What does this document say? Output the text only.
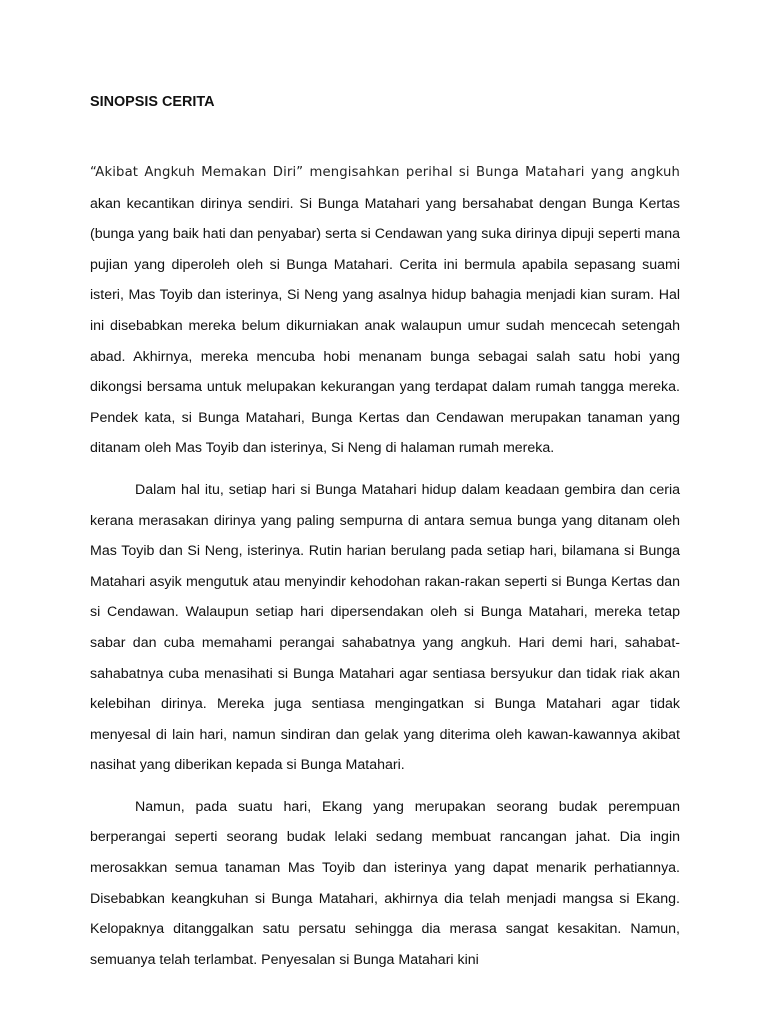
SINOPSIS CERITA

“Akibat Angkuh Memakan Diri” mengisahkan perihal si Bunga Matahari yang angkuh akan kecantikan dirinya sendiri. Si Bunga Matahari yang bersahabat dengan Bunga Kertas (bunga yang baik hati dan penyabar) serta si Cendawan yang suka dirinya dipuji seperti mana pujian yang diperoleh oleh si Bunga Matahari. Cerita ini bermula apabila sepasang suami isteri, Mas Toyib dan isterinya, Si Neng yang asalnya hidup bahagia menjadi kian suram. Hal ini disebabkan mereka belum dikurniakan anak walaupun umur sudah mencecah setengah abad. Akhirnya, mereka mencuba hobi menanam bunga sebagai salah satu hobi yang dikongsi bersama untuk melupakan kekurangan yang terdapat dalam rumah tangga mereka. Pendek kata, si Bunga Matahari, Bunga Kertas dan Cendawan merupakan tanaman yang ditanam oleh Mas Toyib dan isterinya, Si Neng di halaman rumah mereka.

Dalam hal itu, setiap hari si Bunga Matahari hidup dalam keadaan gembira dan ceria kerana merasakan dirinya yang paling sempurna di antara semua bunga yang ditanam oleh Mas Toyib dan Si Neng, isterinya. Rutin harian berulang pada setiap hari, bilamana si Bunga Matahari asyik mengutuk atau menyindir kehodohan rakan-rakan seperti si Bunga Kertas dan si Cendawan. Walaupun setiap hari dipersendakan oleh si Bunga Matahari, mereka tetap sabar dan cuba memahami perangai sahabatnya yang angkuh. Hari demi hari, sahabat-sahabatnya cuba menasihati si Bunga Matahari agar sentiasa bersyukur dan tidak riak akan kelebihan dirinya. Mereka juga sentiasa mengingatkan si Bunga Matahari agar tidak menyesal di lain hari, namun sindiran dan gelak yang diterima oleh kawan-kawannya akibat nasihat yang diberikan kepada si Bunga Matahari.

Namun, pada suatu hari, Ekang yang merupakan seorang budak perempuan berperangai seperti seorang budak lelaki sedang membuat rancangan jahat. Dia ingin merosakkan semua tanaman Mas Toyib dan isterinya yang dapat menarik perhatiannya. Disebabkan keangkuhan si Bunga Matahari, akhirnya dia telah menjadi mangsa si Ekang. Kelopaknya ditanggalkan satu persatu sehingga dia merasa sangat kesakitan. Namun, semuanya telah terlambat. Penyesalan si Bunga Matahari kini
